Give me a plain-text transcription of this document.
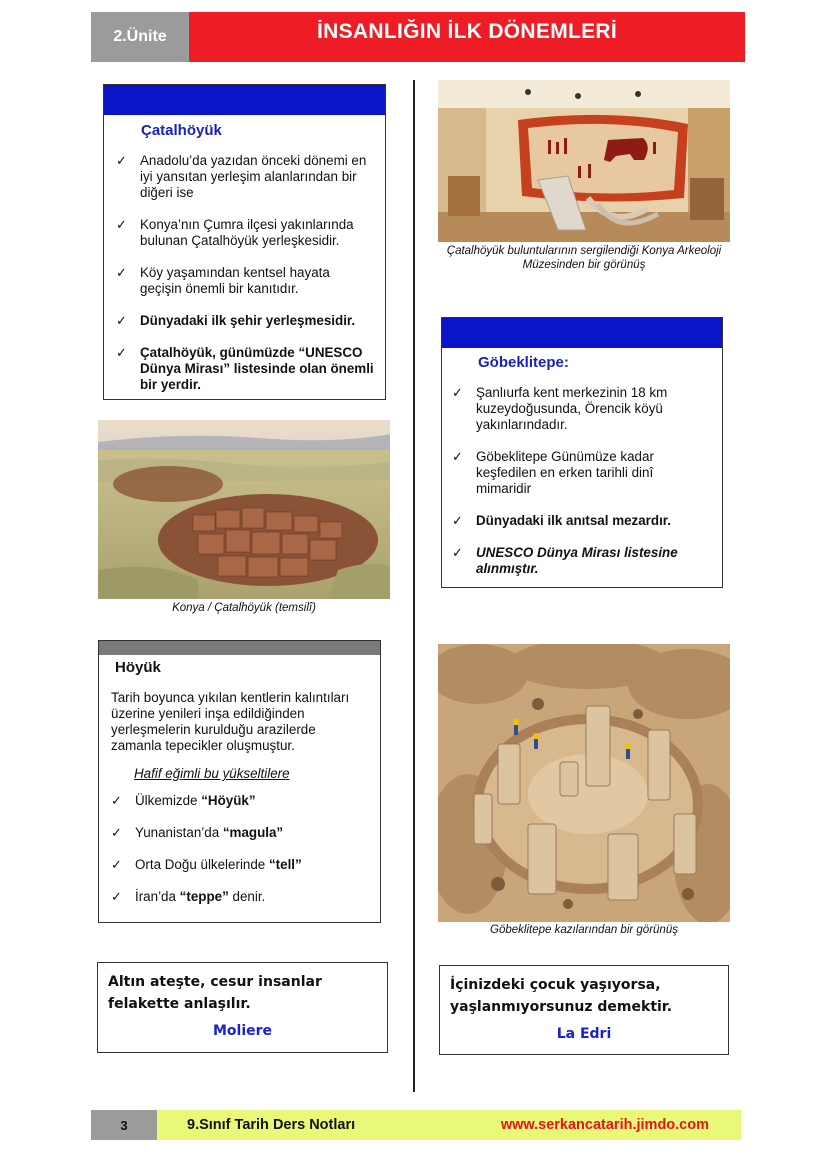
2.Ünite	İNSANLIĞIN İLK DÖNEMLERİ
Çatalhöyük
✓ Anadolu’da yazıdan önceki dönemi en iyi yansıtan yerleşim alanlarından bir diğeri ise
✓ Konya’nın Çumra ilçesi yakınlarında bulunan Çatalhöyük yerleşkesidir.
✓ Köy yaşamından kentsel hayata geçişin önemli bir kanıtıdır.
✓ Dünyadaki ilk şehir yerleşmesidir.
✓ Çatalhöyük, günümüzde “UNESCO Dünya Mirası” listesinde olan önemli bir yerdir.
Konya / Çatalhöyük (temsilî)
Çatalhöyük buluntularının sergilendiği Konya Arkeoloji Müzesinden bir görünüş
Göbeklitepe:
✓ Şanlıurfa kent merkezinin 18 km kuzeydoğusunda, Örencik köyü yakınlarındadır.
✓ Göbeklitepe Günümüze kadar keşfedilen en erken tarihli dinî mimaridir
✓ Dünyadaki ilk anıtsal mezardır.
✓ UNESCO Dünya Mirası listesine alınmıştır.
Höyük
Tarih boyunca yıkılan kentlerin kalıntıları üzerine yenileri inşa edildiğinden yerleşmelerin kurulduğu arazilerde zamanla tepecikler oluşmuştur.
Hafif eğimli bu yükseltilere
✓ Ülkemizde “Höyük”
✓ Yunanistan’da “magula”
✓ Orta Doğu ülkelerinde “tell”
✓ İran’da “teppe” denir.
Göbeklitepe kazılarından bir görünüş
Altın ateşte, cesur insanlar felakette anlaşılır.
Moliere
İçinizdeki çocuk yaşıyorsa, yaşlanmıyorsunuz demektir.
La Edri
3	9.Sınıf Tarih Ders Notları	www.serkancatarih.jimdo.com
